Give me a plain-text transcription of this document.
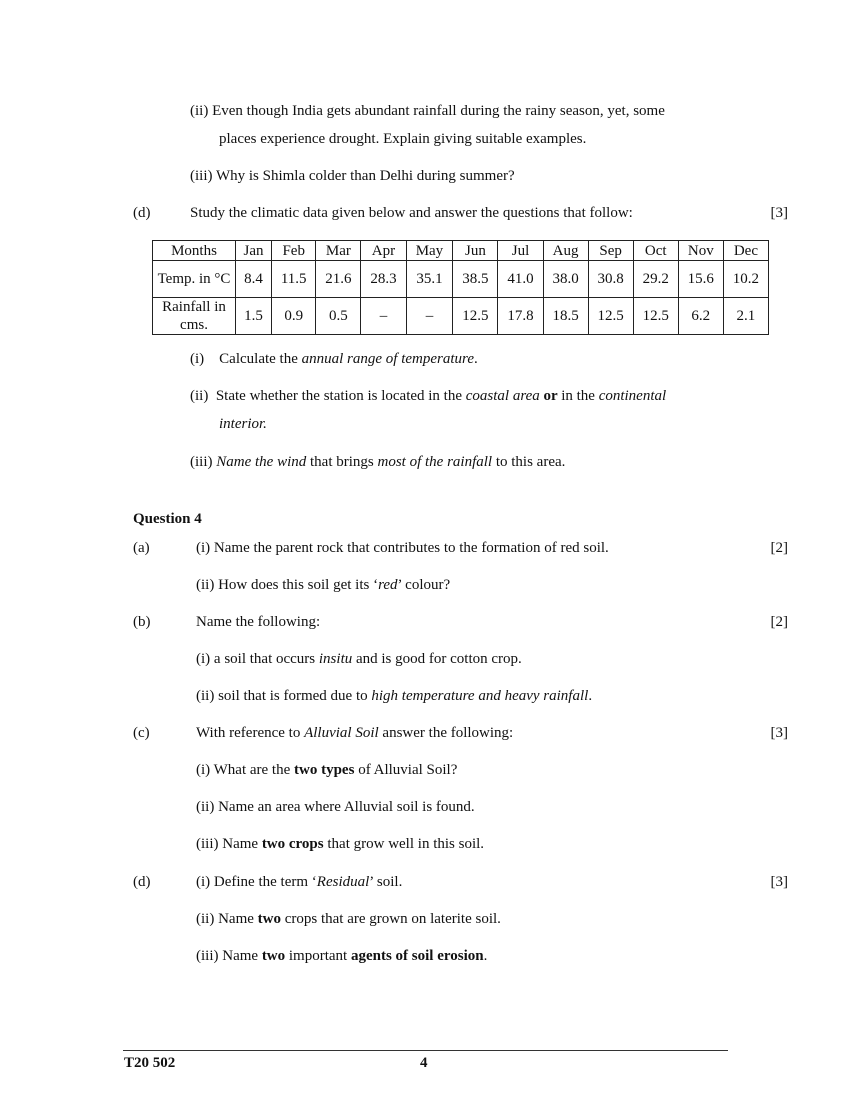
(ii) Even though India gets abundant rainfall during the rainy season, yet, some
places experience drought. Explain giving suitable examples.
(iii) Why is Shimla colder than Delhi during summer?
(d)	Study the climatic data given below and answer the questions that follow:	[3]
Months	Jan	Feb	Mar	Apr	May	Jun	Jul	Aug	Sep	Oct	Nov	Dec
Temp. in °C	8.4	11.5	21.6	28.3	35.1	38.5	41.0	38.0	30.8	29.2	15.6	10.2
Rainfall in cms.	1.5	0.9	0.5	–	–	12.5	17.8	18.5	12.5	12.5	6.2	2.1
(i) Calculate the annual range of temperature.
(ii) State whether the station is located in the coastal area or in the continental
interior.
(iii) Name the wind that brings most of the rainfall to this area.
Question 4
(a)	(i) Name the parent rock that contributes to the formation of red soil.	[2]
(ii) How does this soil get its ‘red’ colour?
(b)	Name the following:	[2]
(i) a soil that occurs insitu and is good for cotton crop.
(ii) soil that is formed due to high temperature and heavy rainfall.
(c)	With reference to Alluvial Soil answer the following:	[3]
(i) What are the two types of Alluvial Soil?
(ii) Name an area where Alluvial soil is found.
(iii) Name two crops that grow well in this soil.
(d)	(i) Define the term ‘Residual’ soil.	[3]
(ii) Name two crops that are grown on laterite soil.
(iii) Name two important agents of soil erosion.
T20 502	4
